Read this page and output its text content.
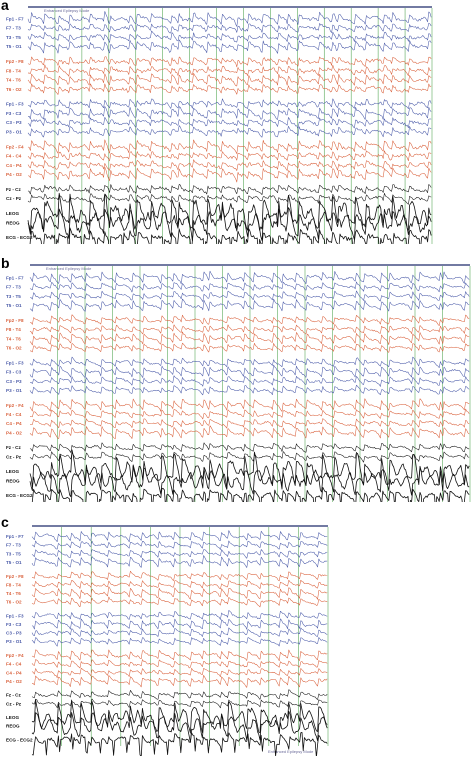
a	Enhanced Epilepsy Mode
Fp1 - F7
F7 - T3
T3 - T5
T5 - O1
Fp2 - F8
F8 - T4
T4 - T6
T6 - O2
Fp1 - F3
F3 - C3
C3 - P3
P3 - O1
Fp2 - F4
F4 - C4
C4 - P4
P4 - O2
Fz - Cz
Cz - Pz
LEOG
REOG
ECG - ECG2
b	Enhanced Epilepsy Mode
Fp1 - F7
F7 - T3
T3 - T5
T5 - O1
Fp2 - F8
F8 - T4
T4 - T6
T6 - O2
Fp1 - F3
F3 - C3
C3 - P3
P3 - O1
Fp2 - F4
F4 - C4
C4 - P4
P4 - O2
Fz - Cz
Cz - Pz
LEOG
REOG
ECG - ECG2
c
Enhanced Epilepsy Mode
Fp1 - F7
F7 - T3
T3 - T5
T5 - O1
Fp2 - F8
F8 - T4
T4 - T6
T6 - O2
Fp1 - F3
F3 - C3
C3 - P3
P3 - O1
Fp2 - F4
F4 - C4
C4 - P4
P4 - O2
Fz - Cz
Cz - Pz
LEOG
REOG
ECG - ECG2
